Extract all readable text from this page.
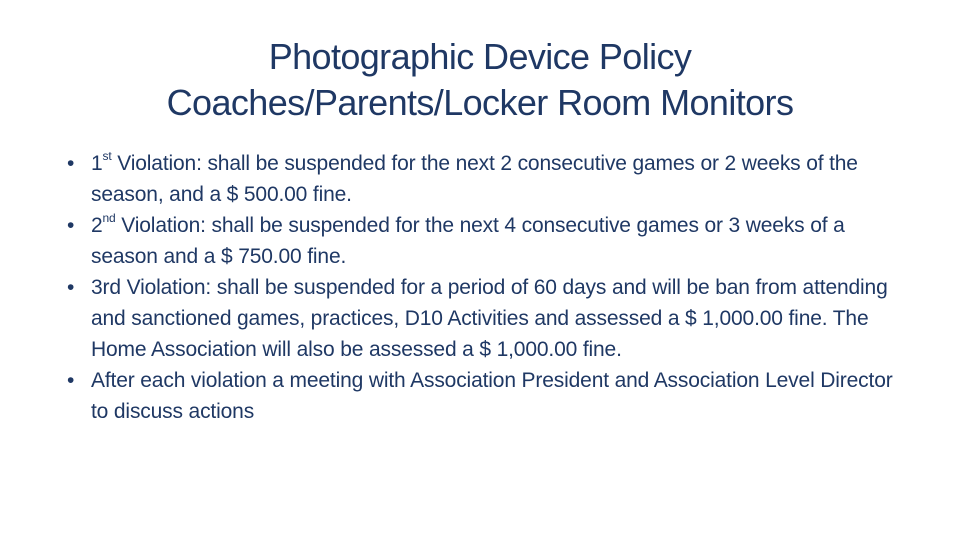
Photographic Device Policy
Coaches/Parents/Locker Room Monitors
• 1st Violation: shall be suspended for the next 2 consecutive games or 2 weeks of the season, and a $ 500.00 fine.
• 2nd Violation: shall be suspended for the next 4 consecutive games or 3 weeks of a season and a $ 750.00 fine.
• 3rd Violation: shall be suspended for a period of 60 days and will be ban from attending and sanctioned games, practices, D10 Activities and assessed a $ 1,000.00 fine. The Home Association will also be assessed a $ 1,000.00 fine.
• After each violation a meeting with Association President and Association Level Director to discuss actions
